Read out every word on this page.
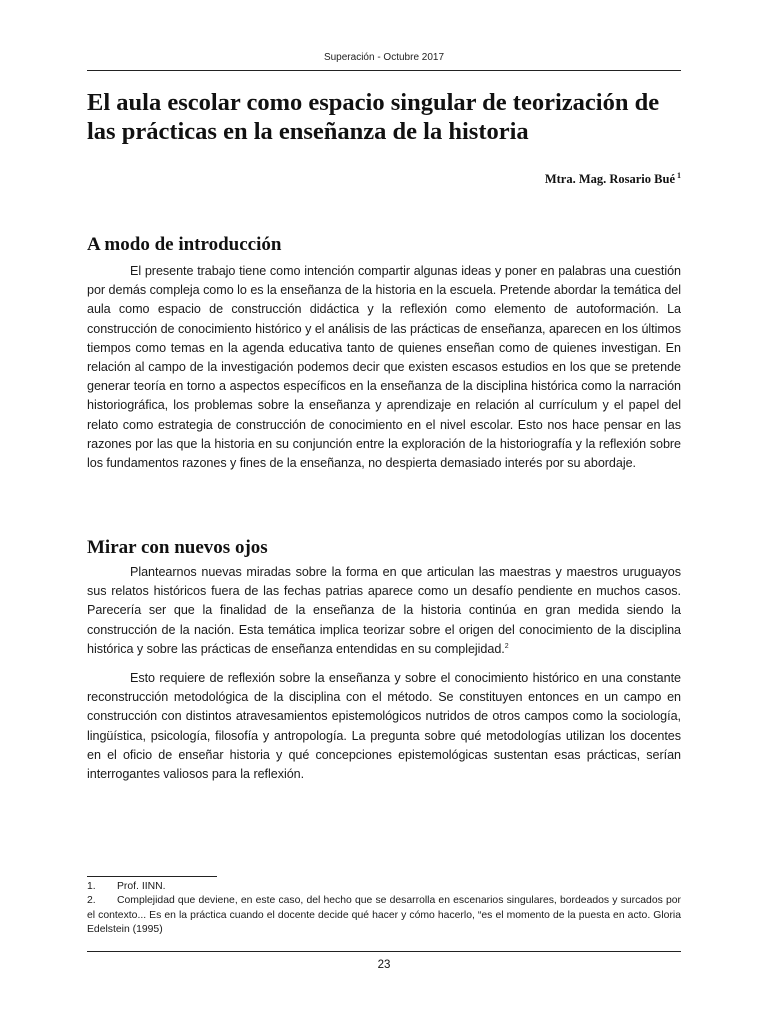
Superación - Octubre 2017
El aula escolar como espacio singular de teorización de las prácticas en la enseñanza de la historia
Mtra. Mag. Rosario Bué $^1$
A modo de introducción

El presente trabajo tiene como intención compartir algunas ideas y poner en palabras una cuestión por demás compleja como lo es la enseñanza de la historia en la escuela. Pretende abordar la temática del aula como espacio de construcción didáctica y la reflexión como elemento de autoformación. La construcción de conocimiento histórico y el análisis de las prácticas de enseñanza, aparecen en los últimos tiempos como temas en la agenda educativa tanto de quienes enseñan como de quienes investigan. En relación al campo de la investigación podemos decir que existen escasos estudios en los que se pretende generar teoría en torno a aspectos específicos en la enseñanza de la disciplina histórica como la narración historiográfica, los problemas sobre la enseñanza y aprendizaje en relación al currículum y el papel del relato como estrategia de construcción de conocimiento en el nivel escolar. Esto nos hace pensar en las razones por las que la historia en su conjunción entre la exploración de la historiografía y la reflexión sobre los fundamentos razones y fines de la enseñanza, no despierta demasiado interés por su abordaje.

Mirar con nuevos ojos

Plantearnos nuevas miradas sobre la forma en que articulan las maestras y maestros uruguayos sus relatos históricos fuera de las fechas patrias aparece como un desafío pendiente en muchos casos. Parecería ser que la finalidad de la enseñanza de la historia continúa en gran medida siendo la construcción de la nación. Esta temática implica teorizar sobre el origen del conocimiento de la disciplina histórica y sobre las prácticas de enseñanza entendidas en su complejidad.$^2$

Esto requiere de reflexión sobre la enseñanza y sobre el conocimiento histórico en una constante reconstrucción metodológica de la disciplina con el método. Se constituyen entonces en un campo en construcción con distintos atravesamientos epistemológicos nutridos de otros campos como la sociología, lingüística, psicología, filosofía y antropología. La pregunta sobre qué metodologías utilizan los docentes en el oficio de enseñar historia y qué concepciones epistemológicas sustentan esas prácticas, serían interrogantes valiosos para la reflexión.

1. Prof. IINN.

2. Complejidad que deviene, en este caso, del hecho que se desarrolla en escenarios singulares, bordeados y surcados por el contexto... Es en la práctica cuando el docente decide qué hacer y cómo hacerlo, “es el momento de la puesta en acto. Gloria Edelstein (1995)

23
